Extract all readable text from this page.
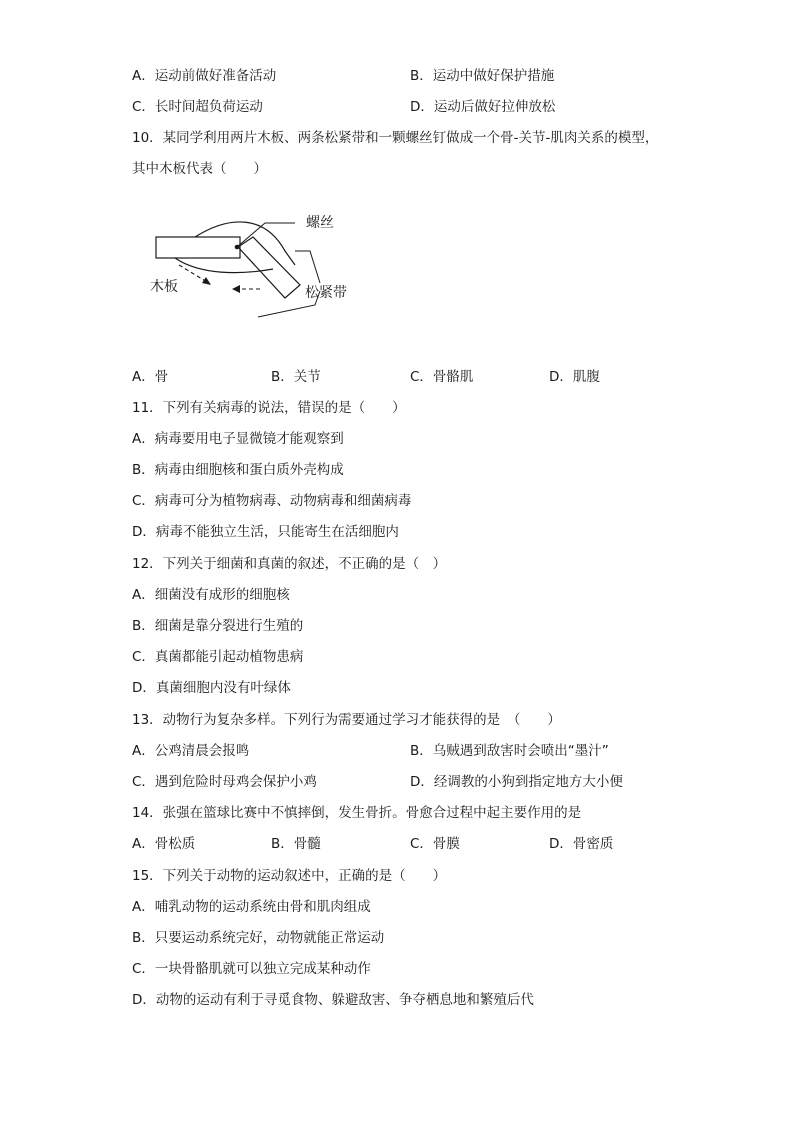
A．运动前做好准备活动	B．运动中做好保护措施
C．长时间超负荷运动	D．运动后做好拉伸放松
10．某同学利用两片木板、两条松紧带和一颗螺丝钉做成一个骨-关节-肌肉关系的模型，
其中木板代表（　　）
螺丝
木板	松紧带
A．骨	B．关节	C．骨骼肌	D．肌腹
11．下列有关病毒的说法，错误的是（　　）
A．病毒要用电子显微镜才能观察到
B．病毒由细胞核和蛋白质外壳构成
C．病毒可分为植物病毒、动物病毒和细菌病毒
D．病毒不能独立生活，只能寄生在活细胞内
12．下列关于细菌和真菌的叙述，不正确的是（　）
A．细菌没有成形的细胞核
B．细菌是靠分裂进行生殖的
C．真菌都能引起动植物患病
D．真菌细胞内没有叶绿体
13．动物行为复杂多样。下列行为需要通过学习才能获得的是　（　　）
A．公鸡清晨会报鸣	B．乌贼遇到敌害时会喷出“墨汁”
C．遇到危险时母鸡会保护小鸡	D．经调教的小狗到指定地方大小便
14．张强在篮球比赛中不慎摔倒，发生骨折。骨愈合过程中起主要作用的是
A．骨松质	B．骨髓	C．骨膜	D．骨密质
15．下列关于动物的运动叙述中，正确的是（　　）
A．哺乳动物的运动系统由骨和肌肉组成
B．只要运动系统完好，动物就能正常运动
C．一块骨骼肌就可以独立完成某种动作
D．动物的运动有利于寻觅食物、躲避敌害、争夺栖息地和繁殖后代
